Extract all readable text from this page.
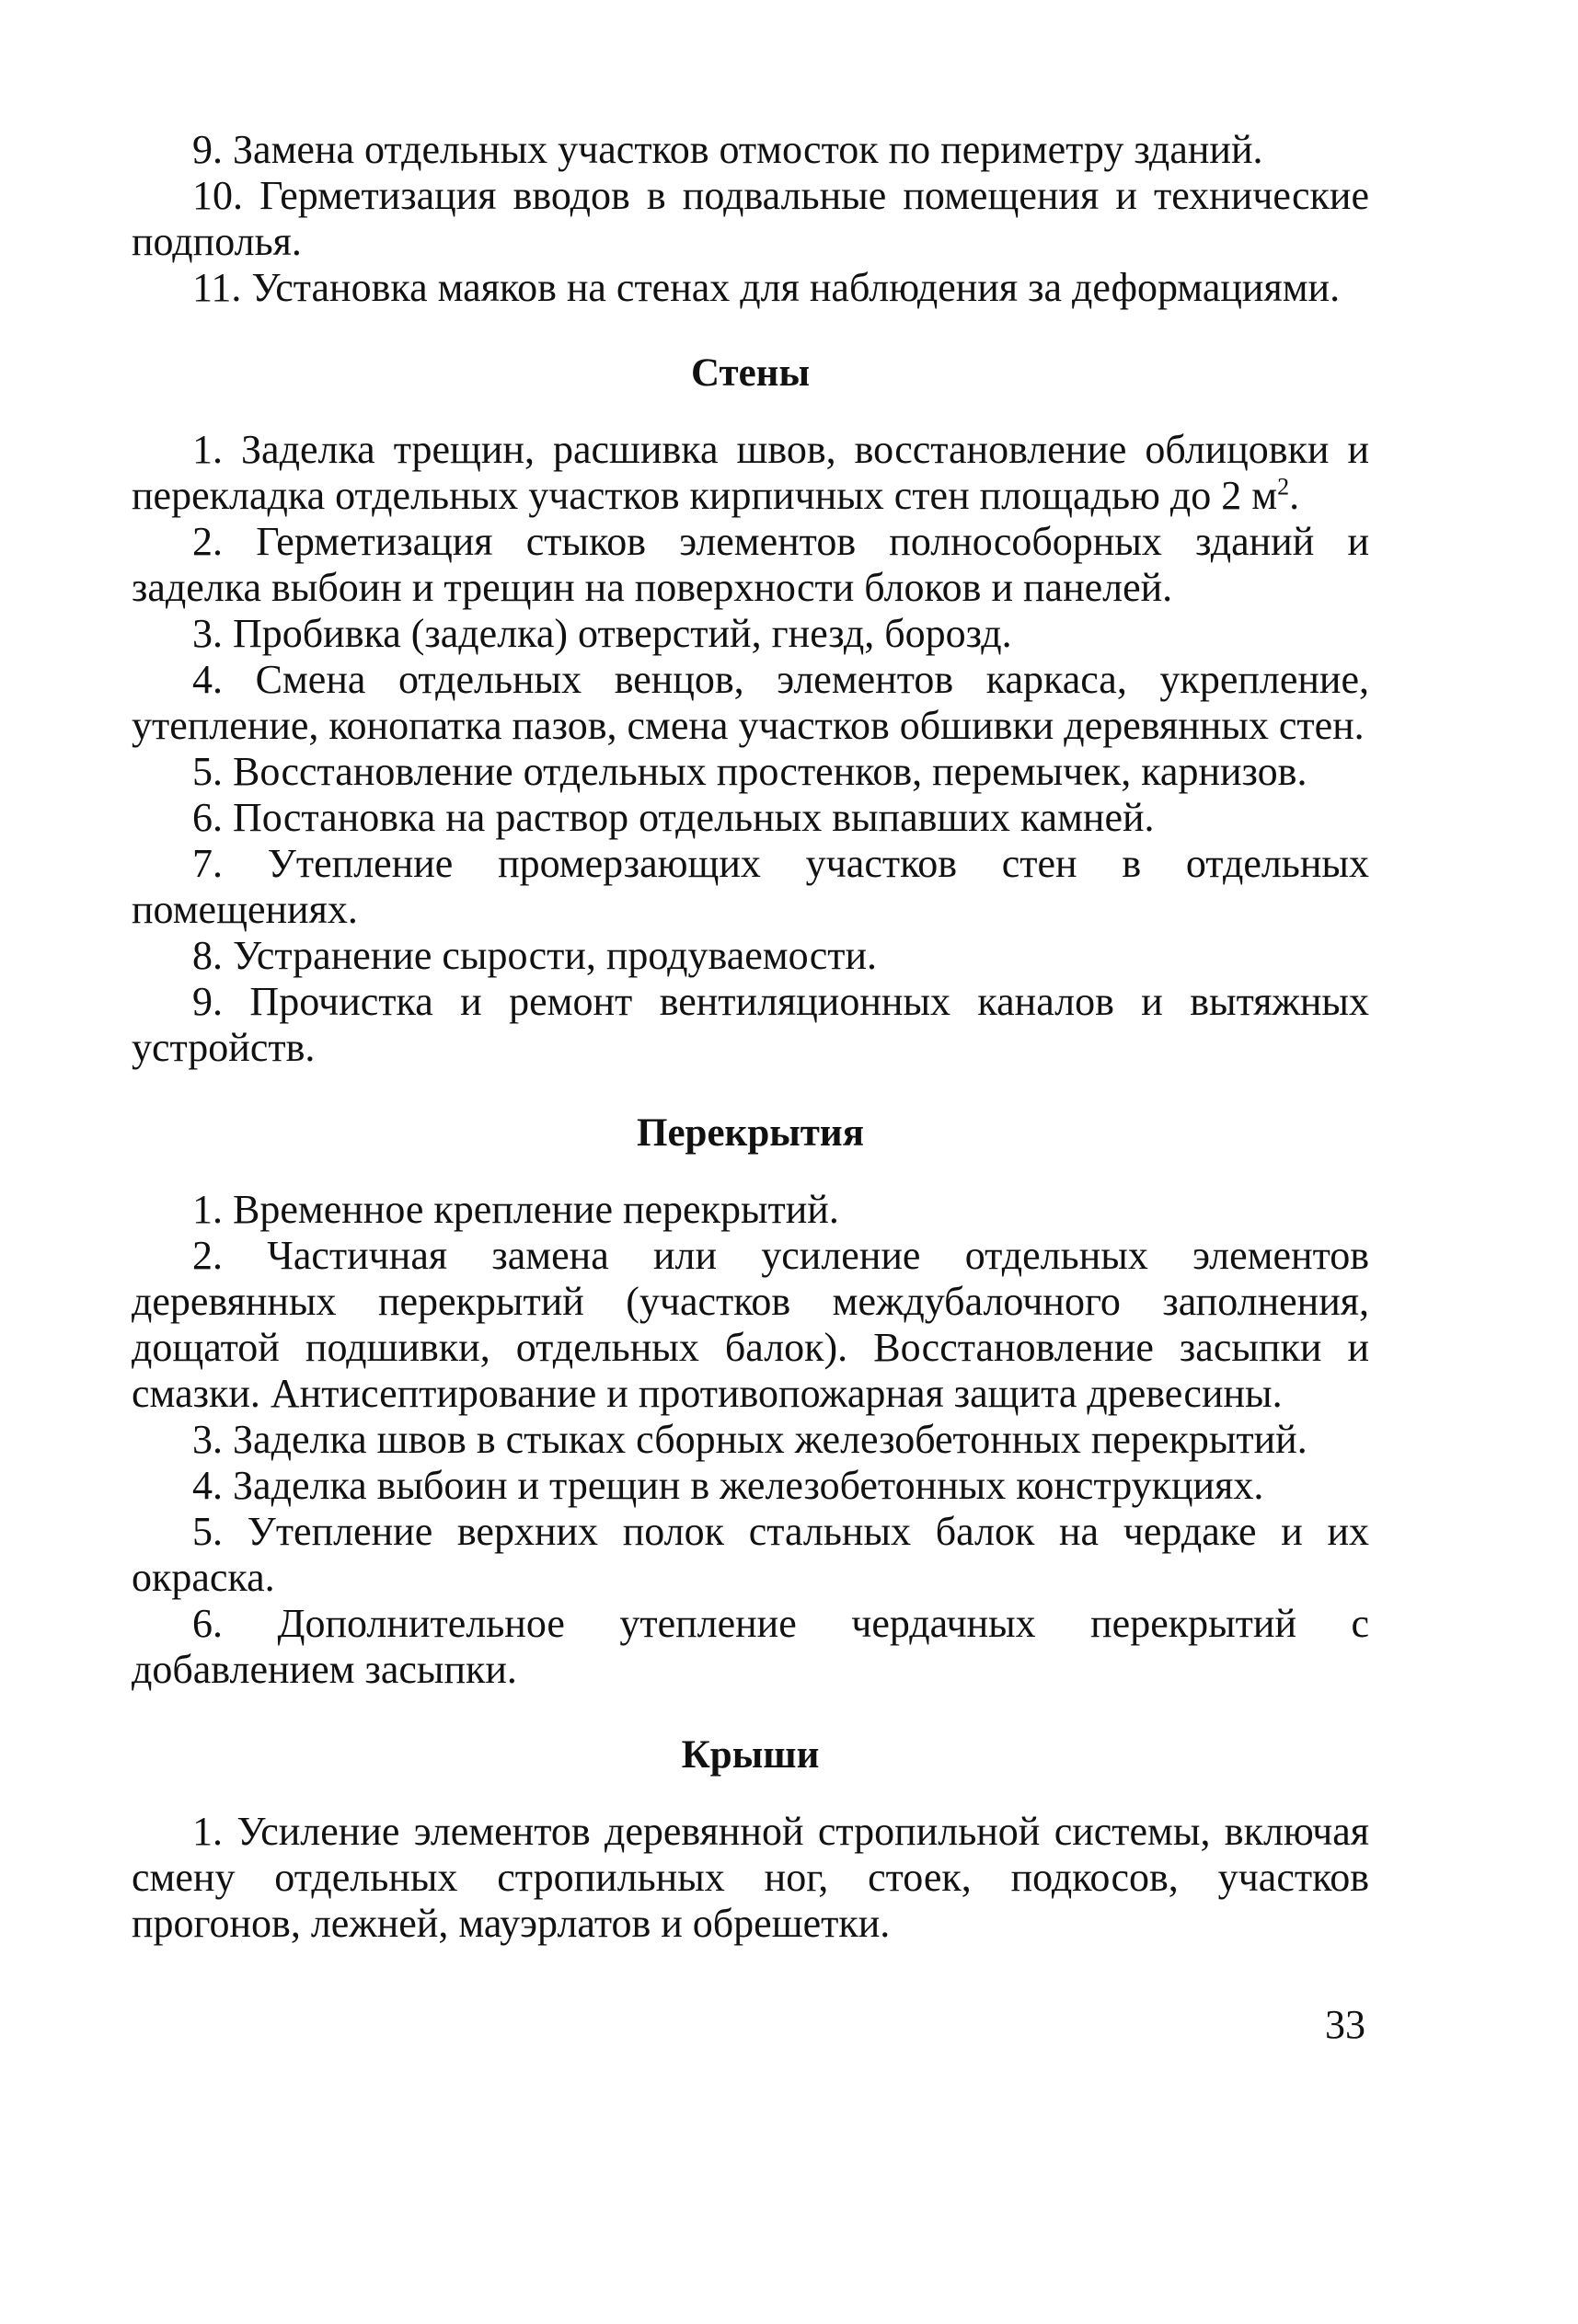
9. Замена отдельных участков отмосток по периметру зданий.

10. Герметизация вводов в подвальные помещения и технические подполья.

11. Установка маяков на стенах для наблюдения за деформациями.

Стены

1. Заделка трещин, расшивка швов, восстановление облицовки и перекладка отдельных участков кирпичных стен площадью до 2 $м^2$.

2. Герметизация стыков элементов полнособорных зданий и заделка выбоин и трещин на поверхности блоков и панелей.

3. Пробивка (заделка) отверстий, гнезд, борозд.

4. Смена отдельных венцов, элементов каркаса, укрепление, утепление, конопатка пазов, смена участков обшивки деревянных стен.

5. Восстановление отдельных простенков, перемычек, карнизов.

6. Постановка на раствор отдельных выпавших камней.

7. Утепление промерзающих участков стен в отдельных помещениях.

8. Устранение сырости, продуваемости.

9. Прочистка и ремонт вентиляционных каналов и вытяжных устройств.

Перекрытия

1. Временное крепление перекрытий.

2. Частичная замена или усиление отдельных элементов деревянных перекрытий (участков междубалочного заполнения, дощатой подшивки, отдельных балок). Восстановление засыпки и смазки. Антисептирование и противопожарная защита древесины.

3. Заделка швов в стыках сборных железобетонных перекрытий.

4. Заделка выбоин и трещин в железобетонных конструкциях.

5. Утепление верхних полок стальных балок на чердаке и их окраска.

6. Дополнительное утепление чердачных перекрытий с добавлением засыпки.

Крыши

1. Усиление элементов деревянной стропильной системы, включая смену отдельных стропильных ног, стоек, подкосов, участков прогонов, лежней, мауэрлатов и обрешетки.

33
